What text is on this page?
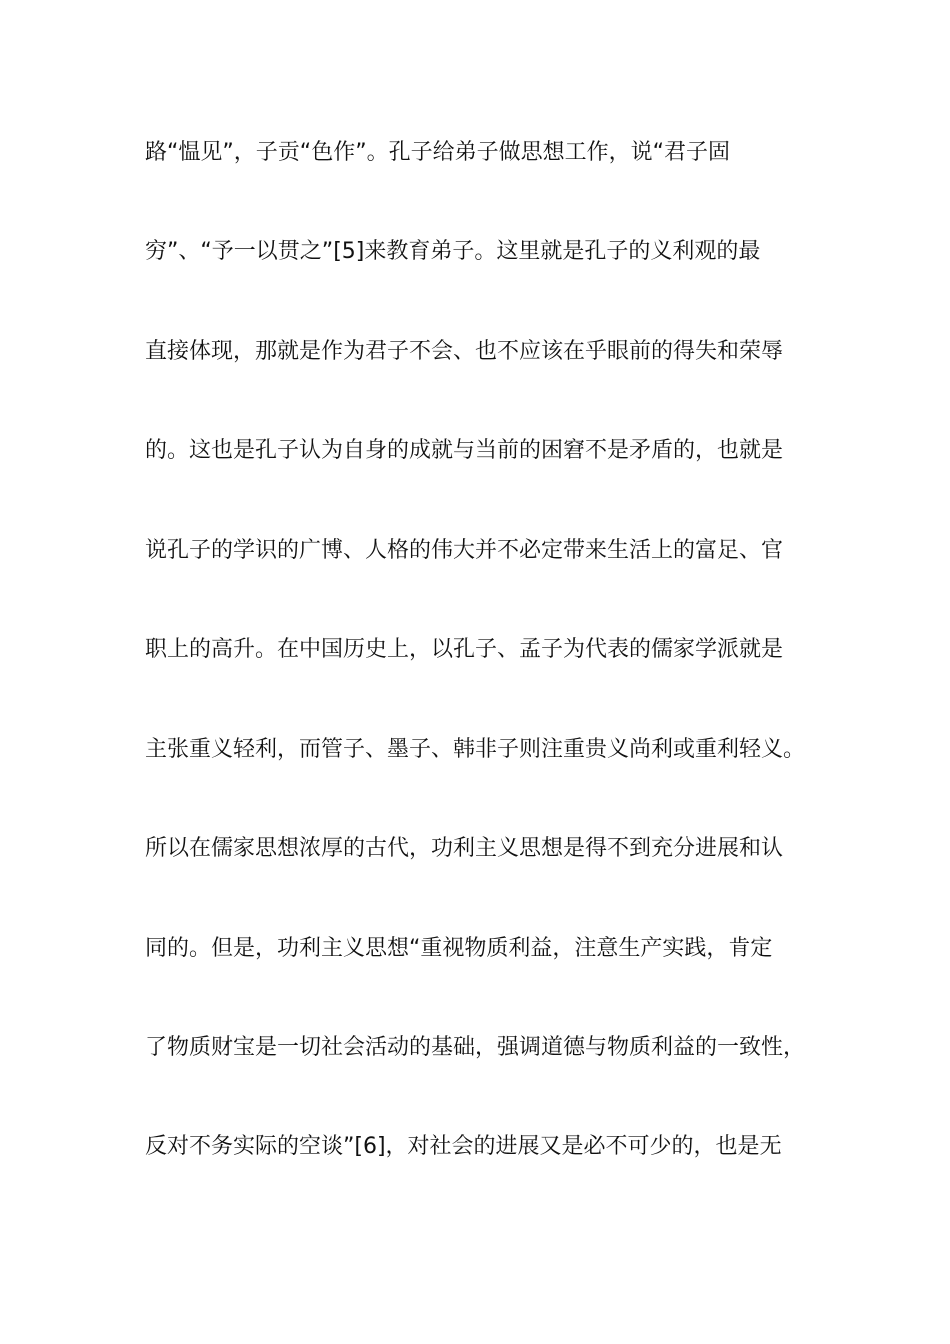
路“愠见”，子贡“色作”。孔子给弟子做思想工作，说“君子固

穷”、“予一以贯之”[5]来教育弟子。这里就是孔子的义利观的最

直接体现，那就是作为君子不会、也不应该在乎眼前的得失和荣辱

的。这也是孔子认为自身的成就与当前的困窘不是矛盾的，也就是

说孔子的学识的广博、人格的伟大并不必定带来生活上的富足、官

职上的高升。在中国历史上，以孔子、孟子为代表的儒家学派就是

主张重义轻利，而管子、墨子、韩非子则注重贵义尚利或重利轻义。

所以在儒家思想浓厚的古代，功利主义思想是得不到充分进展和认

同的。但是，功利主义思想“重视物质利益，注意生产实践，肯定

了物质财宝是一切社会活动的基础，强调道德与物质利益的一致性，

反对不务实际的空谈”[6]，对社会的进展又是必不可少的，也是无
